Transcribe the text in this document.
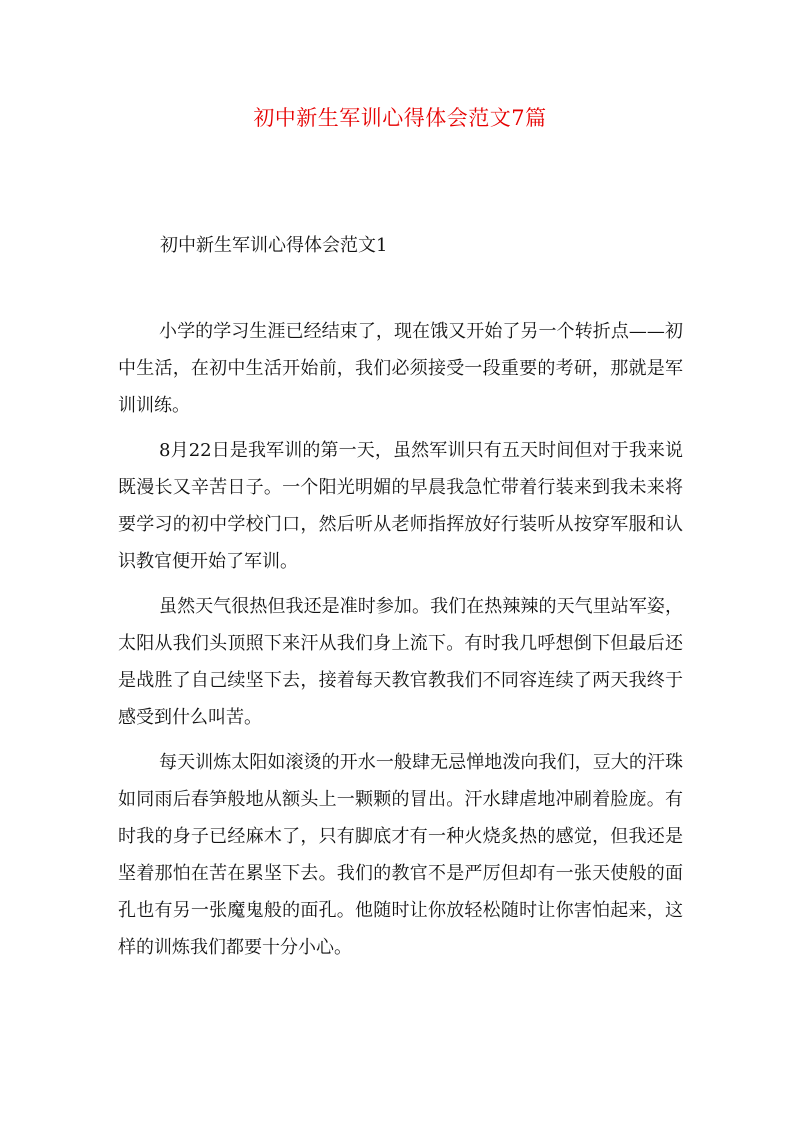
初中新生军训心得体会范文7篇
初中新生军训心得体会范文1

小学的学习生涯已经结束了，现在饿又开始了另一个转折点——初中生活，在初中生活开始前，我们必须接受一段重要的考研，那就是军训训练。

8月22日是我军训的第一天，虽然军训只有五天时间但对于我来说既漫长又辛苦日子。一个阳光明媚的早晨我急忙带着行装来到我未来将要学习的初中学校门口，然后听从老师指挥放好行装听从按穿军服和认识教官便开始了军训。

虽然天气很热但我还是准时参加。我们在热辣辣的天气里站军姿，太阳从我们头顶照下来汗从我们身上流下。有时我几呼想倒下但最后还是战胜了自己续坚下去，接着每天教官教我们不同容连续了两天我终于感受到什么叫苦。

每天训炼太阳如滚烫的开水一般肆无忌惮地泼向我们，豆大的汗珠如同雨后春笋般地从额头上一颗颗的冒出。汗水肆虐地冲刷着脸庞。有时我的身子已经麻木了，只有脚底才有一种火烧炙热的感觉，但我还是坚着那怕在苦在累坚下去。我们的教官不是严厉但却有一张天使般的面孔也有另一张魔鬼般的面孔。他随时让你放轻松随时让你害怕起来，这样的训炼我们都要十分小心。
